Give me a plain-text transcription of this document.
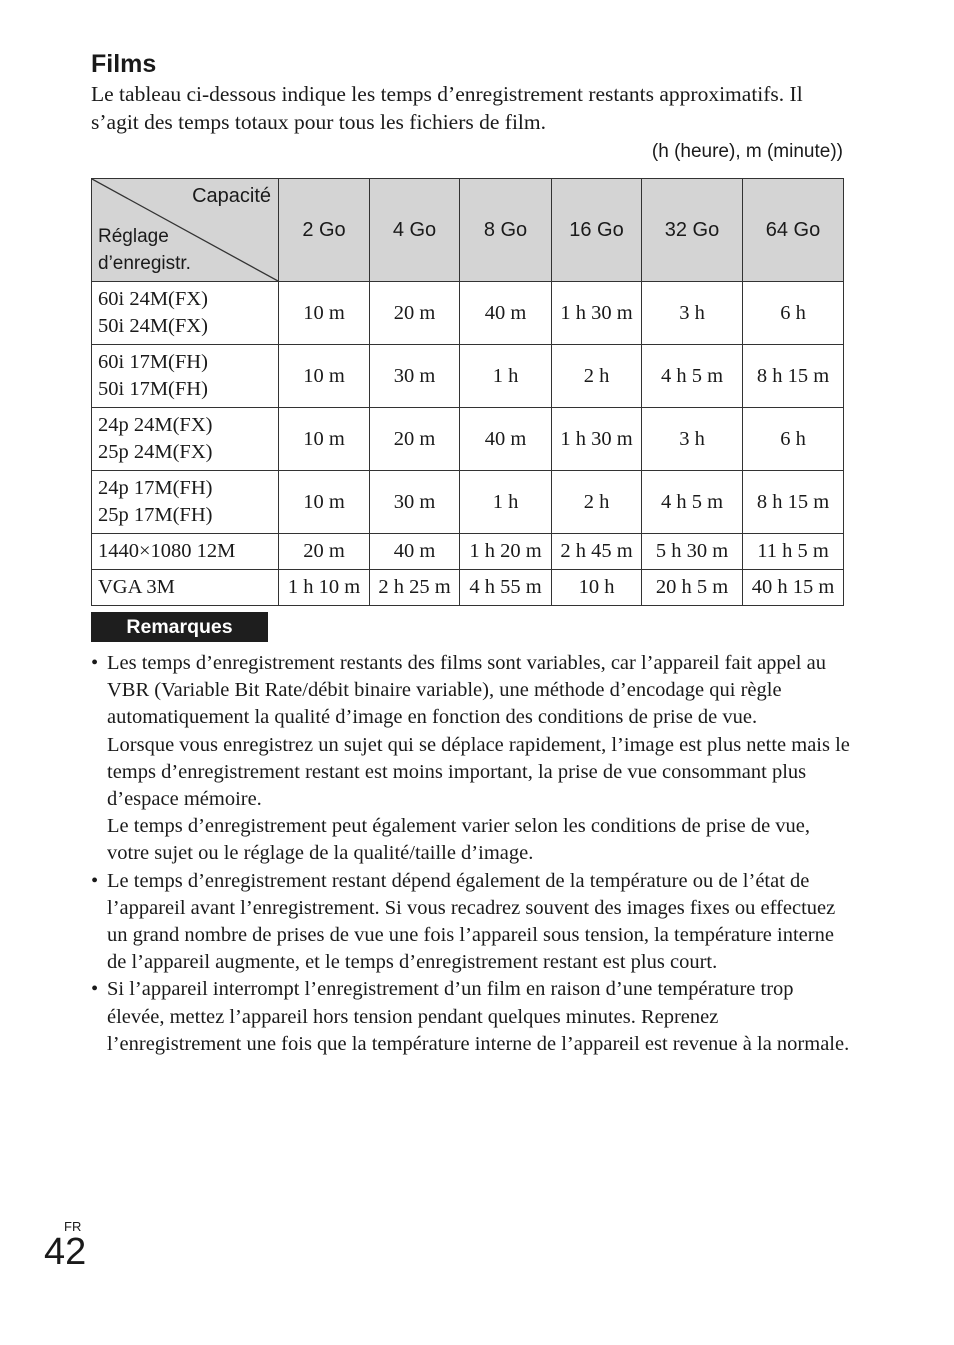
Films

Le tableau ci-dessous indique les temps d’enregistrement restants approximatifs. Il s’agit des temps totaux pour tous les fichiers de film.

(h (heure), m (minute))
Capacité
Réglage
d’enregistr.	2 Go	4 Go	8 Go	16 Go	32 Go	64 Go
60i 24M(FX)
50i 24M(FX)	10 m	20 m	40 m	1 h 30 m	3 h	6 h
60i 17M(FH)
50i 17M(FH)	10 m	30 m	1 h	2 h	4 h 5 m	8 h 15 m
24p 24M(FX)
25p 24M(FX)	10 m	20 m	40 m	1 h 30 m	3 h	6 h
24p 17M(FH)
25p 17M(FH)	10 m	30 m	1 h	2 h	4 h 5 m	8 h 15 m
1440×1080 12M	20 m	40 m	1 h 20 m	2 h 45 m	5 h 30 m	11 h 5 m
VGA 3M	1 h 10 m	2 h 25 m	4 h 55 m	10 h	20 h 5 m	40 h 15 m
Remarques
• Les temps d’enregistrement restants des films sont variables, car l’appareil fait appel au VBR (Variable Bit Rate/débit binaire variable), une méthode d’encodage qui règle automatiquement la qualité d’image en fonction des conditions de prise de vue.

Lorsque vous enregistrez un sujet qui se déplace rapidement, l’image est plus nette mais le temps d’enregistrement restant est moins important, la prise de vue consommant plus d’espace mémoire.

Le temps d’enregistrement peut également varier selon les conditions de prise de vue, votre sujet ou le réglage de la qualité/taille d’image.

• Le temps d’enregistrement restant dépend également de la température ou de l’état de l’appareil avant l’enregistrement. Si vous recadrez souvent des images fixes ou effectuez un grand nombre de prises de vue une fois l’appareil sous tension, la température interne de l’appareil augmente, et le temps d’enregistrement restant est plus court.

• Si l’appareil interrompt l’enregistrement d’un film en raison d’une température trop élevée, mettez l’appareil hors tension pendant quelques minutes. Reprenez l’enregistrement une fois que la température interne de l’appareil est revenue à la normale.

FR
42
